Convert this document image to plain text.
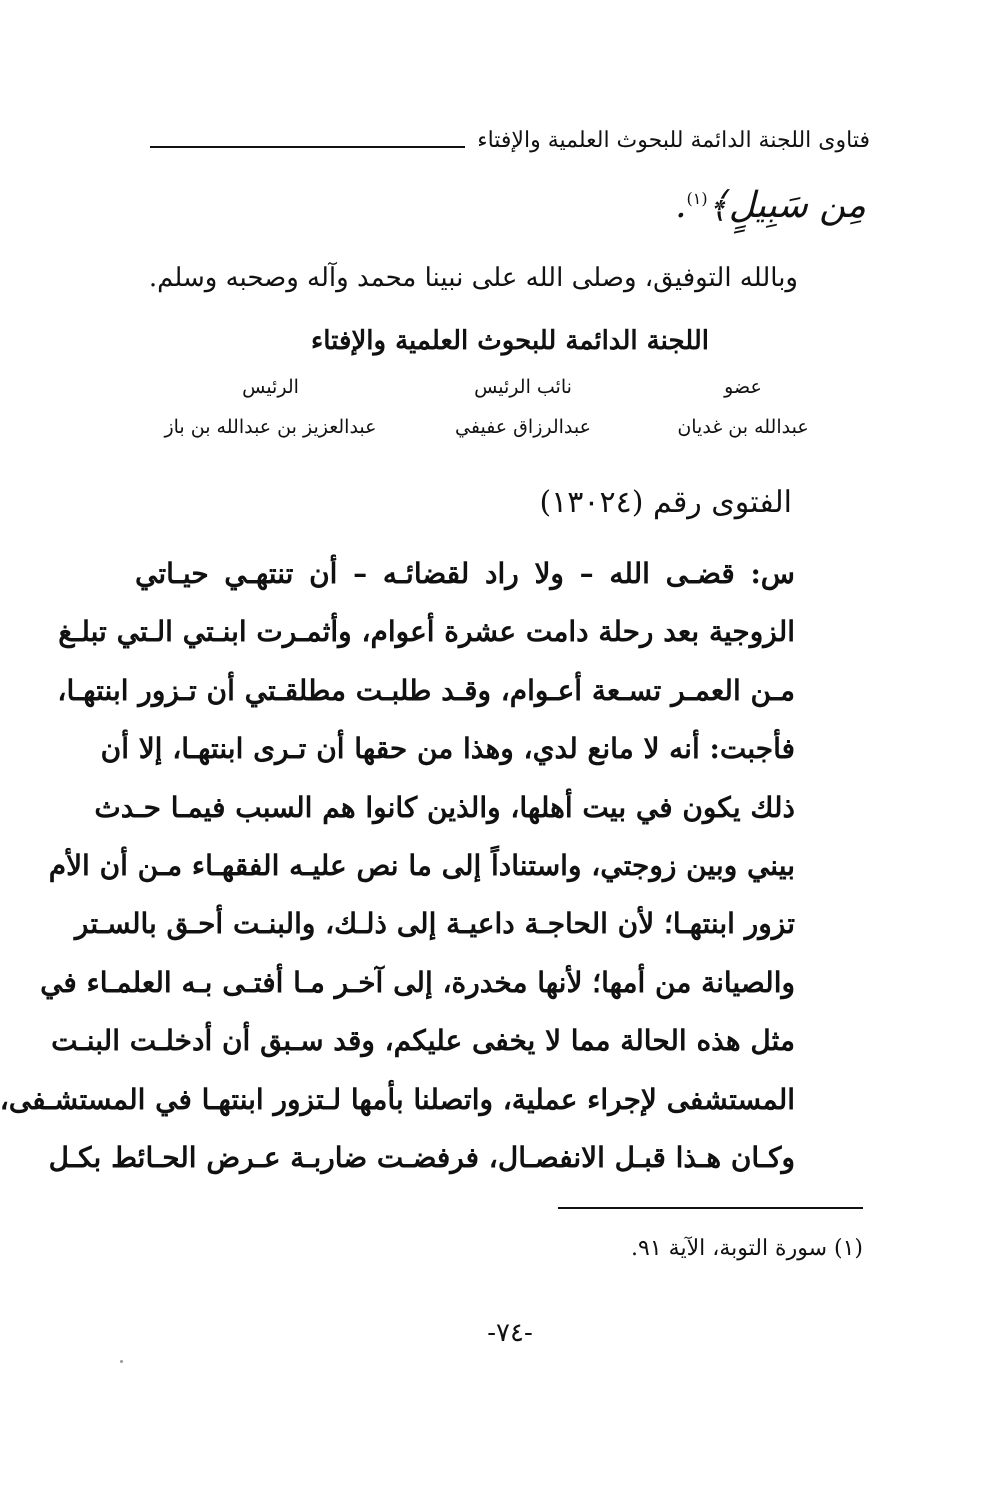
فتاوى اللجنة الدائمة للبحوث العلمية والإفتاء
مِن سَبِيلٍ﴾$^{(١)}$.
وبالله التوفيق، وصلى الله على نبينا محمد وآله وصحبه وسلم.
اللجنة الدائمة للبحوث العلمية والإفتاء
عضو
عبدالله بن غديان
نائب الرئيس
عبدالرزاق عفيفي
الرئيس
عبدالعزيز بن عبدالله بن باز
الفتوى رقم (١٣٠٢٤)
س: قضـى الله – ولا راد لقضائـه – أن تنتهـي حيـاتي
الزوجية بعد رحلة دامت عشرة أعوام، وأثمـرت ابنـتي الـتي تبلـغ
مـن العمـر تسـعة أعـوام، وقـد طلبـت مطلقـتي أن تـزور ابنتهـا،
فأجبت: أنه لا مانع لدي، وهذا من حقها أن تـرى ابنتهـا، إلا أن
ذلك يكون في بيت أهلها، والذين كانوا هم السبب فيمـا حـدث
بيني وبين زوجتي، واستناداً إلى ما نص عليـه الفقهـاء مـن أن الأم
تزور ابنتهـا؛ لأن الحاجـة داعيـة إلى ذلـك، والبنـت أحـق بالسـتر
والصيانة من أمها؛ لأنها مخدرة، إلى آخـر مـا أفتـى بـه العلمـاء في
مثل هذه الحالة مما لا يخفى عليكم، وقد سـبق أن أدخلـت البنـت
المستشفى لإجراء عملية، واتصلنا بأمها لـتزور ابنتهـا في المستشـفى،
وكـان هـذا قبـل الانفصـال، فرفضـت ضاربـة عـرض الحـائط بكـل
(١) سورة التوبة، الآية ٩١.
-٧٤-
